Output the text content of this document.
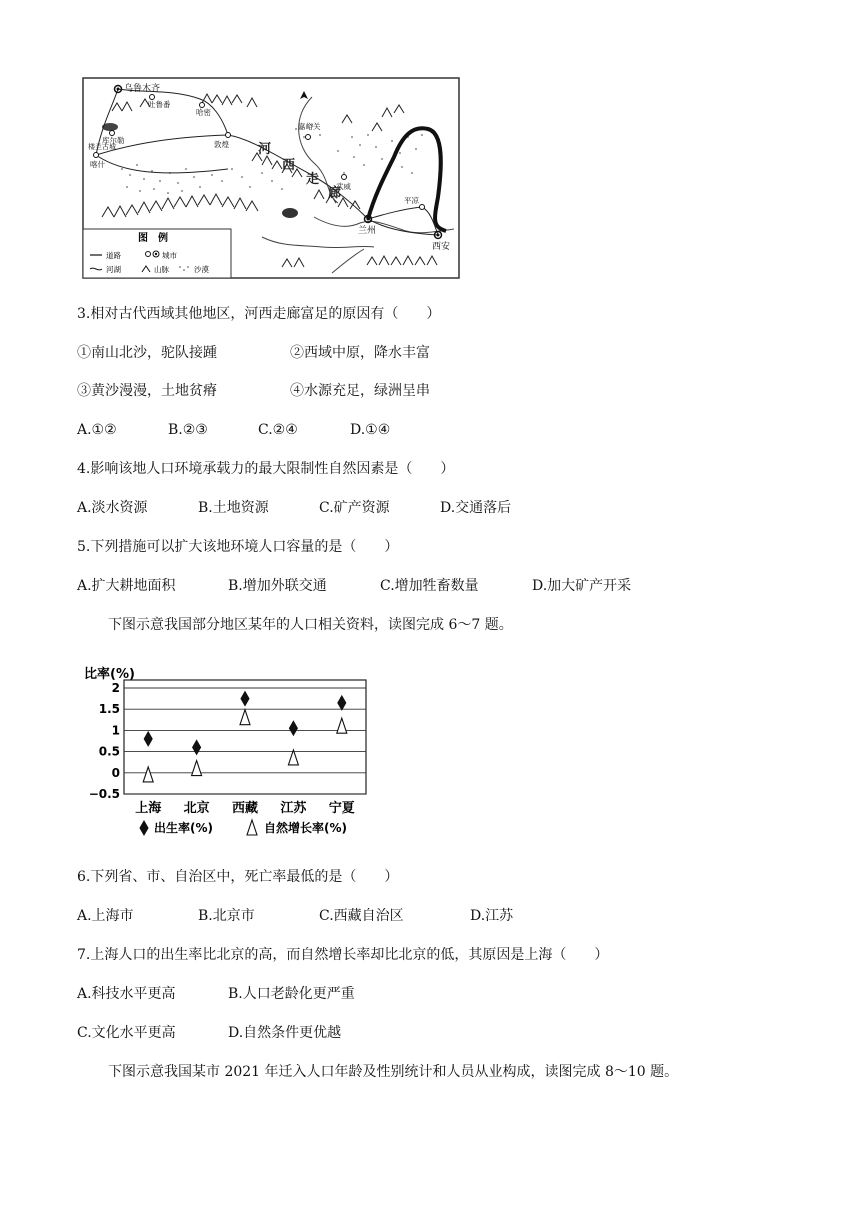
乌鲁木齐
吐鲁番
哈密
库尔勒
楼兰古城
喀什
敦煌
嘉峪关
武威
平凉
兰州
西安
河
西
走
廊
图　例
道路	城市
河湖	山脉	沙漠
3.相对古代西域其他地区，河西走廊富足的原因有（　　）
①南山北沙，驼队接踵	②西域中原，降水丰富
③黄沙漫漫，土地贫瘠	④水源充足，绿洲呈串
A.①②	B.②③	C.②④	D.①④
4.影响该地人口环境承载力的最大限制性自然因素是（　　）
A.淡水资源	B.土地资源	C.矿产资源	D.交通落后
5.下列措施可以扩大该地环境人口容量的是（　　）
A.扩大耕地面积	B.增加外联交通	C.增加牲畜数量	D.加大矿产开采
下图示意我国部分地区某年的人口相关资料，读图完成 6～7 题。
比率(%)
2
1.5
1
0.5
0
−0.5
上海 北京 西藏 江苏 宁夏
出生率(%)	自然增长率(%)
6.下列省、市、自治区中，死亡率最低的是（　　）
A.上海市	B.北京市	C.西藏自治区	D.江苏
7.上海人口的出生率比北京的高，而自然增长率却比北京的低，其原因是上海（　　）
A.科技水平更高	B.人口老龄化更严重
C.文化水平更高	D.自然条件更优越
下图示意我国某市 2021 年迁入人口年龄及性别统计和人员从业构成，读图完成 8～10 题。
